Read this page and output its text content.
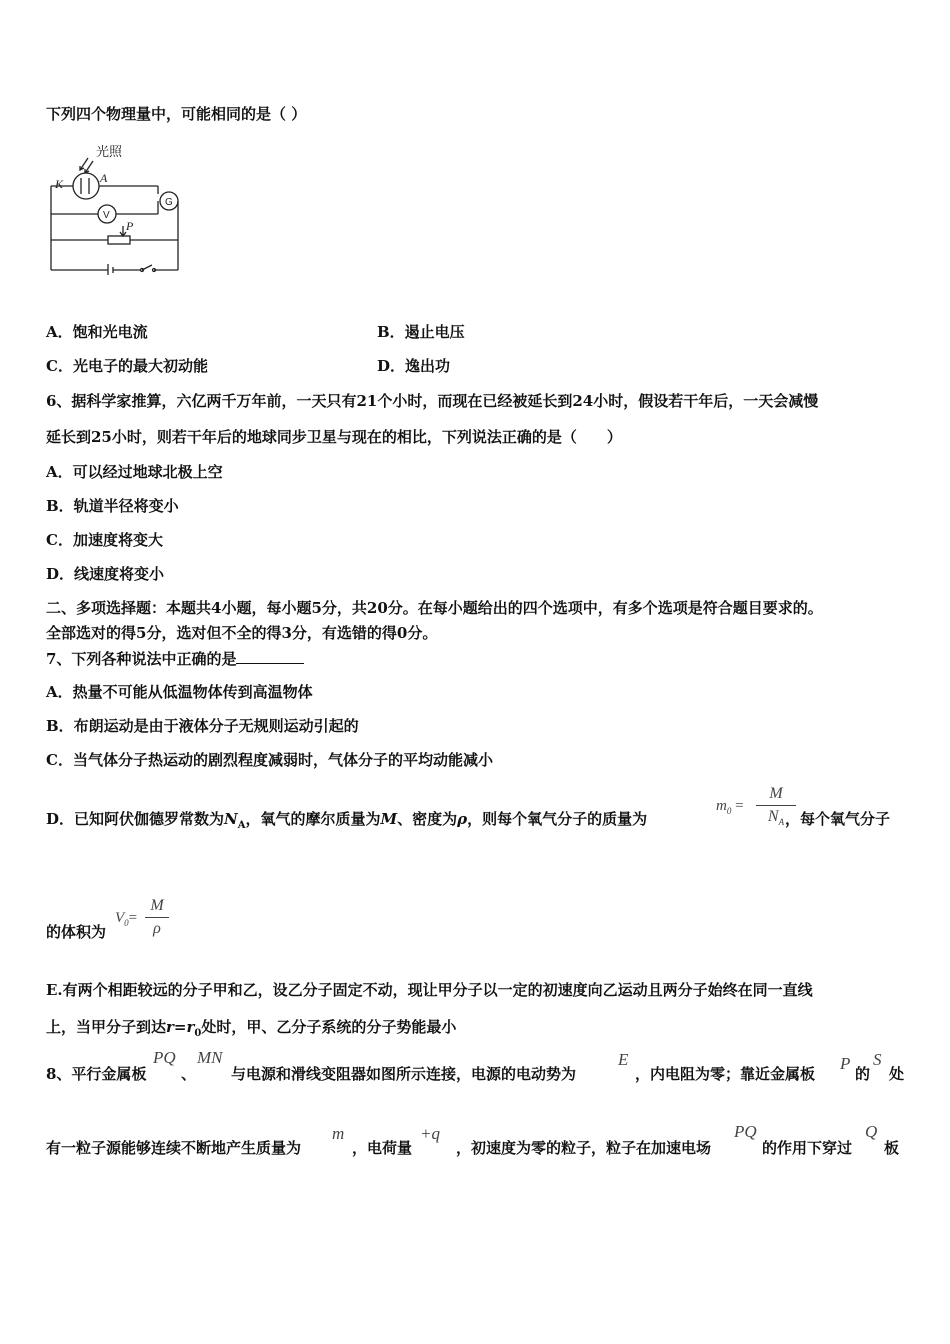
下列四个物理量中，可能相同的是（ ）
光照
K	A
G
V
P
A．饱和光电流	B．遏止电压
C．光电子的最大初动能	D．逸出功
6、据科学家推算，六亿两千万年前，一天只有21个小时，而现在已经被延长到24小时，假设若干年后，一天会减慢
延长到25小时，则若干年后的地球同步卫星与现在的相比，下列说法正确的是（　　）
A．可以经过地球北极上空
B．轨道半径将变小
C．加速度将变大
D．线速度将变小
二、多项选择题：本题共4小题，每小题5分，共20分。在每小题给出的四个选项中，有多个选项是符合题目要求的。
全部选对的得5分，选对但不全的得3分，有选错的得0分。
7、下列各种说法中正确的是
A．热量不可能从低温物体传到高温物体
B．布朗运动是由于液体分子无规则运动引起的
C．当气体分子热运动的剧烈程度减弱时，气体分子的平均动能减小
D．已知阿伏伽德罗常数为$N_A$，氧气的摩尔质量为M、密度为ρ，则每个氧气分子的质量为
$m_0$ =
M
$N_A$ ，每个氧气分子
的体积为
$V_0=$
M
ρ
E.有两个相距较远的分子甲和乙，设乙分子固定不动，现让甲分子以一定的初速度向乙运动且两分子始终在同一直线
上，当甲分子到达$r=r_0$处时，甲、乙分子系统的分子势能最小
8、平行金属板
PQ
、
MN
与电源和滑线变阻器如图所示连接，电源的电动势为
E
，内电阻为零；靠近金属板
P
的
S
处
有一粒子源能够连续不断地产生质量为
m
，电荷量
+q
，初速度为零的粒子，粒子在加速电场
PQ
的作用下穿过
Q
板
